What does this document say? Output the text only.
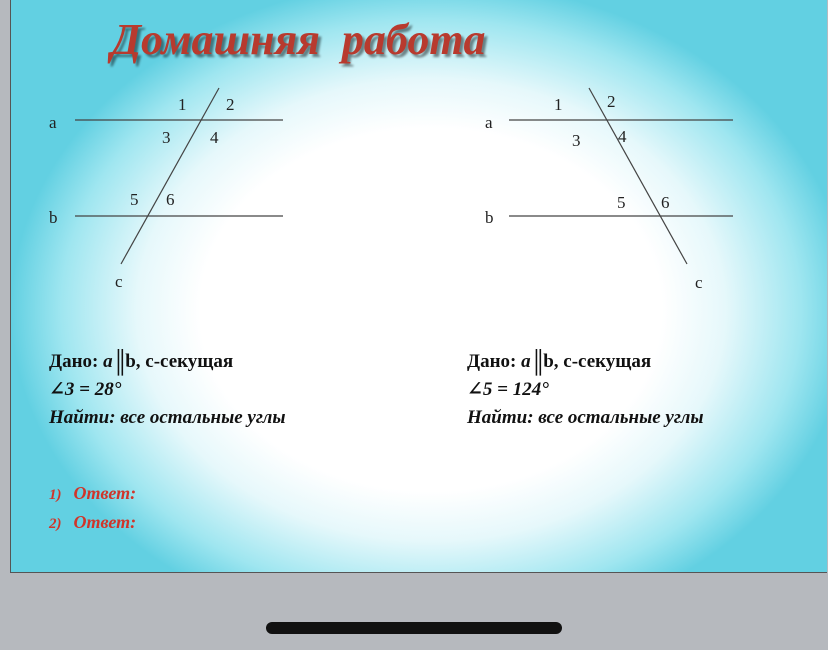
Домашняя  работа
a
b
c
1 2
3 4
5 6
a
b
c
1	2
3 4
5 6
Дано: a║b, с-секущая
∠3 = 28°
Найти: все остальные углы
Дано: a║b, с-секущая
∠5 = 124°
Найти: все остальные углы
1) Ответ:
2) Ответ:
